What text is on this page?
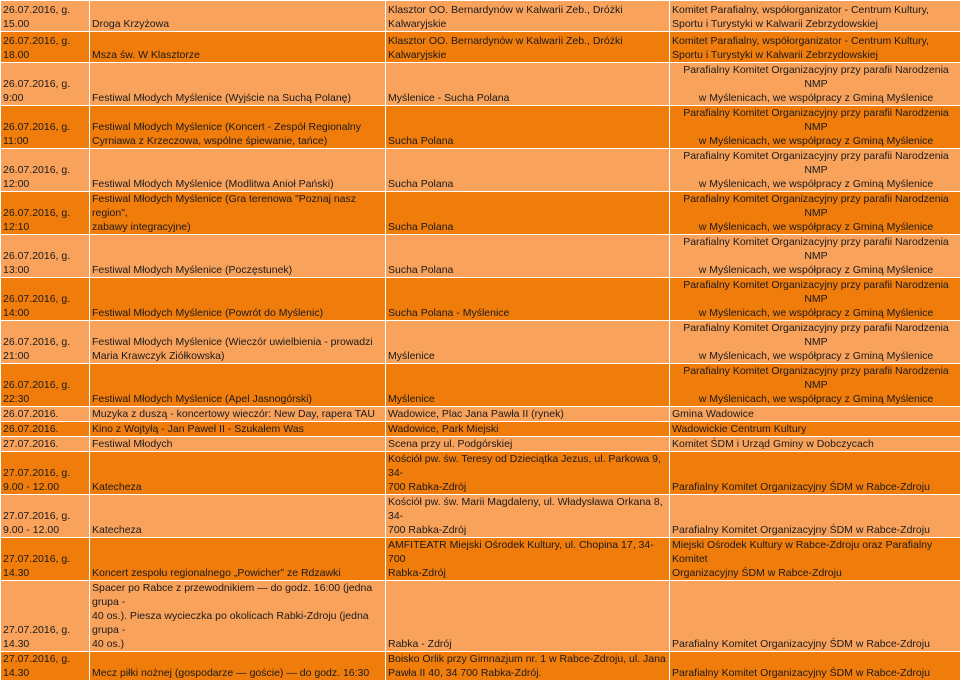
26.07.2016, g.
15.00	Droga Krzyżowa	Klasztor OO. Bernardynów w Kalwarii Zeb., Dróżki Kalwaryjskie	Komitet Parafialny, współorganizator - Centrum Kultury, Sportu i Turystyki w Kalwarii Zebrzydowskiej
26.07.2016, g.
18.00	Msza św. W Klasztorze	Klasztor OO. Bernardynów w Kalwarii Zeb., Dróżki Kalwaryjskie	Komitet Parafialny, współorganizator - Centrum Kultury, Sportu i Turystyki w Kalwarii Zebrzydowskiej
26.07.2016, g.
9:00	Festiwal Młodych Myślenice (Wyjście na Suchą Polanę)	Myślenice - Sucha Polana	Parafialny Komitet Organizacyjny przy parafii Narodzenia NMP
w Myślenicach, we współpracy z Gminą Myślenice
26.07.2016, g.
11:00	Festiwal Młodych Myślenice (Koncert - Zespół Regionalny
Cyrniawa z Krzeczowa, wspólne śpiewanie, tańce)	Sucha Polana	Parafialny Komitet Organizacyjny przy parafii Narodzenia NMP
w Myślenicach, we współpracy z Gminą Myślenice
26.07.2016, g.
12:00	Festiwal Młodych Myślenice (Modlitwa Anioł Pański)	Sucha Polana	Parafialny Komitet Organizacyjny przy parafii Narodzenia NMP
w Myślenicach, we współpracy z Gminą Myślenice
26.07.2016, g.
12:10	Festiwal Młodych Myślenice (Gra terenowa "Poznaj nasz region",
zabawy integracyjne)	Sucha Polana	Parafialny Komitet Organizacyjny przy parafii Narodzenia NMP
w Myślenicach, we współpracy z Gminą Myślenice
26.07.2016, g.
13:00	Festiwal Młodych Myślenice (Poczęstunek)	Sucha Polana	Parafialny Komitet Organizacyjny przy parafii Narodzenia NMP
w Myślenicach, we współpracy z Gminą Myślenice
26.07.2016, g.
14:00	Festiwal Młodych Myślenice (Powrót do Myślenic)	Sucha Polana - Myślenice	Parafialny Komitet Organizacyjny przy parafii Narodzenia NMP
w Myślenicach, we współpracy z Gminą Myślenice
26.07.2016, g.
21:00	Festiwal Młodych Myślenice (Wieczór uwielbienia - prowadzi
Maria Krawczyk Ziółkowska)	Myślenice	Parafialny Komitet Organizacyjny przy parafii Narodzenia NMP
w Myślenicach, we współpracy z Gminą Myślenice
26.07.2016, g.
22:30	Festiwal Młodych Myślenice (Apel Jasnogórski)	Myślenice	Parafialny Komitet Organizacyjny przy parafii Narodzenia NMP
w Myślenicach, we współpracy z Gminą Myślenice
26.07.2016.	Muzyka z duszą - koncertowy wieczór: New Day, rapera TAU	Wadowice, Plac Jana Pawła II (rynek)	Gmina Wadowice
26.07.2016.	Kino z Wojtyłą - Jan Paweł II - Szukałem Was	Wadowice, Park Miejski	Wadowickie Centrum Kultury
27.07.2016.	Festiwal Młodych	Scena przy ul. Podgórskiej	Komitet ŚDM i Urząd Gminy w Dobczycach
27.07.2016, g.
9.00 - 12.00	Katecheza	Kościół pw. św. Teresy od Dzieciątka Jezus, ul. Parkowa 9, 34-
700 Rabka-Zdrój	Parafialny Komitet Organizacyjny ŚDM w Rabce-Zdroju
27.07.2016, g.
9.00 - 12.00	Katecheza	Kościół pw. św. Marii Magdaleny, ul. Władysława Orkana 8, 34-
700 Rabka-Zdrój	Parafialny Komitet Organizacyjny ŚDM w Rabce-Zdroju
27.07.2016, g.
14.30	Koncert zespołu regionalnego „Powicher” ze Rdzawki	AMFITEATR Miejski Ośrodek Kultury, ul. Chopina 17, 34-700
Rabka-Zdrój	Miejski Ośrodek Kultury w Rabce-Zdroju oraz Parafialny Komitet
Organizacyjny ŚDM w Rabce-Zdroju
27.07.2016, g.
14.30	Spacer po Rabce z przewodnikiem — do godz. 16:00 (jedna grupa -
40 os.). Piesza wycieczka po okolicach Rabki-Zdroju (jedna grupa -
40 os.)	Rabka - Zdrój	Parafialny Komitet Organizacyjny ŚDM w Rabce-Zdroju
27.07.2016, g.
14.30	Mecz piłki nożnej (gospodarze — goście) — do godz. 16:30	Boisko Orlik przy Gimnazjum nr. 1 w Rabce-Zdroju, ul. Jana
Pawła II 40, 34 700 Rabka-Zdrój.	Parafialny Komitet Organizacyjny ŚDM w Rabce-Zdroju
